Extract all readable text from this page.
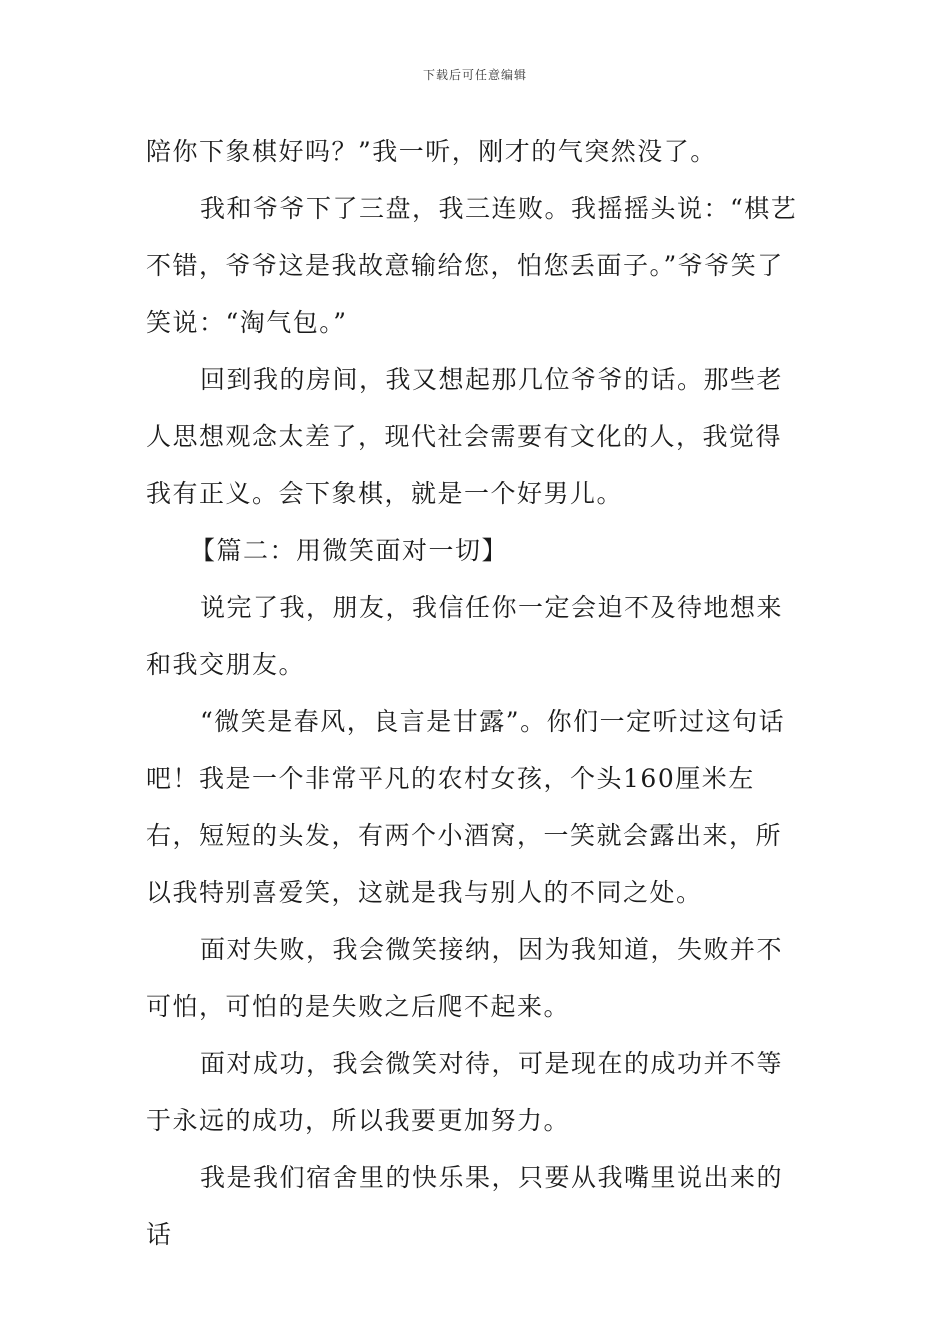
下载后可任意编辑

陪你下象棋好吗？”我一听，刚才的气突然没了。

我和爷爷下了三盘，我三连败。我摇摇头说：“棋艺不错，爷爷这是我故意输给您，怕您丢面子。”爷爷笑了笑说：“淘气包。”

回到我的房间，我又想起那几位爷爷的话。那些老人思想观念太差了，现代社会需要有文化的人，我觉得我有正义。会下象棋，就是一个好男儿。

【篇二：用微笑面对一切】

说完了我，朋友，我信任你一定会迫不及待地想来和我交朋友。

“微笑是春风，良言是甘露”。你们一定听过这句话吧！我是一个非常平凡的农村女孩，个头160厘米左右，短短的头发，有两个小酒窝，一笑就会露出来，所以我特别喜爱笑，这就是我与别人的不同之处。

面对失败，我会微笑接纳，因为我知道，失败并不可怕，可怕的是失败之后爬不起来。

面对成功，我会微笑对待，可是现在的成功并不等于永远的成功，所以我要更加努力。

我是我们宿舍里的快乐果，只要从我嘴里说出来的话
